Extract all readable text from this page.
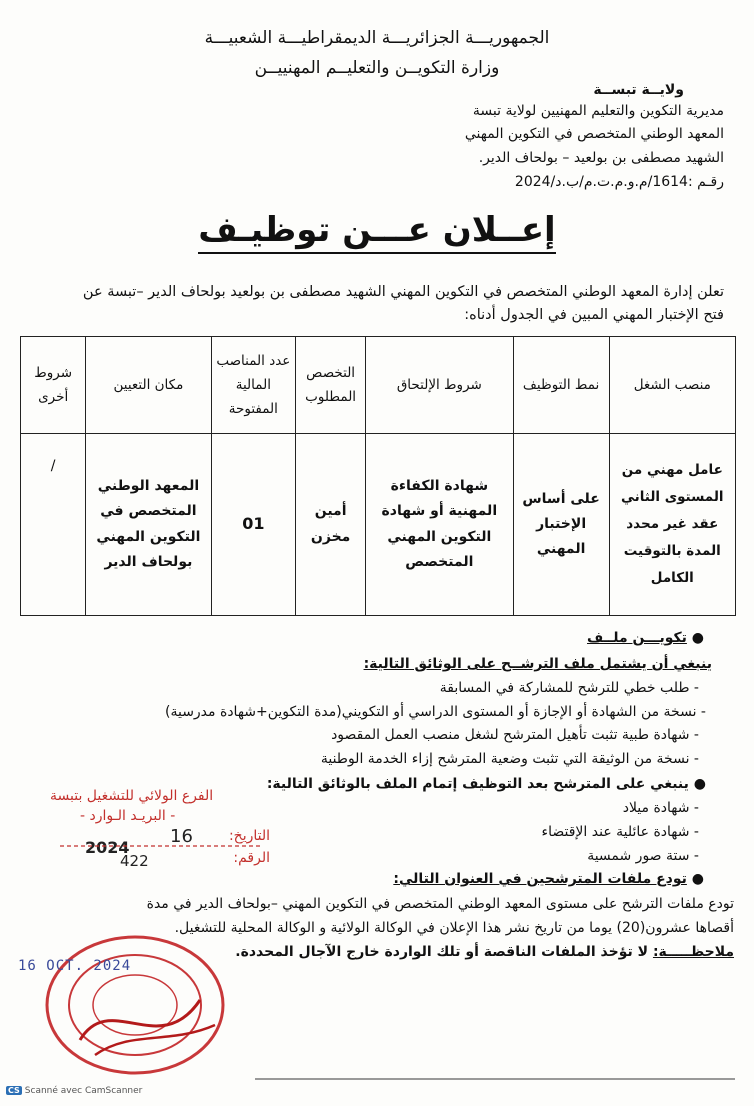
الجمهوريـــة الجزائريـــة الديمقراطيـــة الشعبيـــة
وزارة التكويــن والتعليــم المهنييــن
ولايــة تبســة
مديرية التكوين والتعليم المهنيين لولاية تبسة
المعهد الوطني المتخصص في التكوين المهني
الشهيد مصطفى بن بولعيد – بولحاف الدير.
رقـم :1614/م.و.م.ت.م/ب.د/2024
إعــلان عـــن توظيـف
تعلن إدارة المعهد الوطني المتخصص في التكوين المهني الشهيد مصطفى بن بولعيد بولحاف الدير –تبسة عن
فتح الإختبار المهني المبين في الجدول أدناه:
منصب الشغل	نمط التوظيف	شروط الإلتحاق	التخصص المطلوب	عدد المناصب المالية المفتوحة	مكان التعيين	شروط أخرى
عامل مهني من المستوى الثاني عقد غير محدد المدة بالتوقيت الكامل	على أساس الإختبار المهني	شهادة الكفاءة المهنية أو شهادة التكوين المهني المتخصص	أمين مخزن	01	المعهد الوطني المتخصص في التكوين المهني بولحاف الدير	/
● تكويـــن ملــف
ينبغي أن يشتمل ملف الترشــح على الوثائق التالية:
- طلب خطي للترشح للمشاركة في المسابقة
- نسخة من الشهادة أو الإجازة أو المستوى الدراسي أو التكويني(مدة التكوين+شهادة مدرسية)
- شهادة طبية تثبت تأهيل المترشح لشغل منصب العمل المقصود
- نسخة من الوثيقة التي تثبت وضعية المترشح إزاء الخدمة الوطنية
● ينبغي على المترشح بعد التوظيف إتمام الملف بالوثائق التالية:
- شهادة ميلاد
- شهادة عائلية عند الإقتضاء
- ستة صور شمسية
● تودع ملفات المترشحين في العنوان التالي:
تودع ملفات الترشح على مستوى المعهد الوطني المتخصص في التكوين المهني –بولحاف الدير في مدة
أقصاها عشرون(20) يوما من تاريخ نشر هذا الإعلان في الوكالة الولائية و الوكالة المحلية للتشغيل.
ملاحظـــــة: لا تؤخذ الملفات الناقصة أو تلك الواردة خارج الآجال المحددة.
الفرع الولائي للتشغيل بتبسة
- البريـد الـوارد -
التاريخ:
16
2024
الرقم:
422
16 OCT. 2024
CS Scanné avec CamScanner
